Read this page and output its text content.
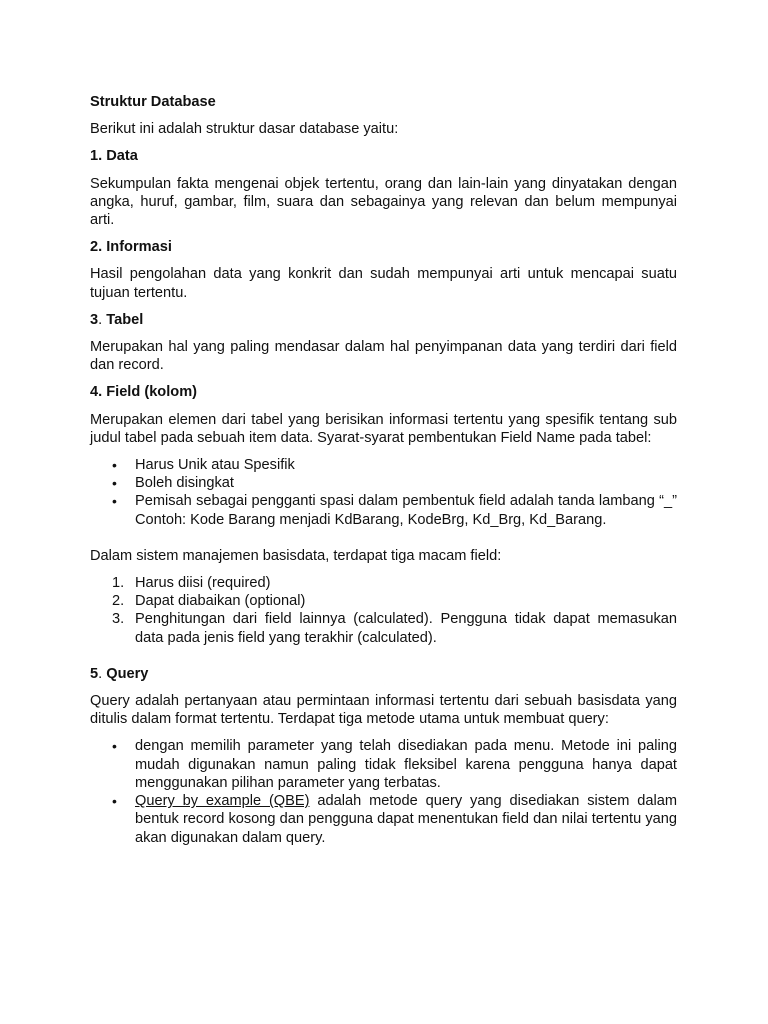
Struktur Database
Berikut ini adalah struktur dasar database yaitu:
1. Data
Sekumpulan fakta mengenai objek tertentu, orang dan lain-lain yang dinyatakan dengan angka, huruf, gambar, film, suara dan sebagainya yang relevan dan belum mempunyai arti.
2. Informasi
Hasil pengolahan data yang konkrit dan sudah mempunyai arti untuk mencapai suatu tujuan tertentu.
3. Tabel
Merupakan hal yang paling mendasar dalam hal penyimpanan data yang terdiri dari field dan record.
4. Field (kolom)
Merupakan elemen dari tabel yang berisikan informasi tertentu yang spesifik tentang sub judul tabel pada sebuah item data. Syarat-syarat pembentukan Field Name pada tabel:
• Harus Unik atau Spesifik
• Boleh disingkat
• Pemisah sebagai pengganti spasi dalam pembentuk field adalah tanda lambang “_” Contoh: Kode Barang menjadi KdBarang, KodeBrg, Kd_Brg, Kd_Barang.
Dalam sistem manajemen basisdata, terdapat tiga macam field:
1. Harus diisi (required)
2. Dapat diabaikan (optional)
3. Penghitungan dari field lainnya (calculated). Pengguna tidak dapat memasukan data pada jenis field yang terakhir (calculated).
5. Query
Query adalah pertanyaan atau permintaan informasi tertentu dari sebuah basisdata yang ditulis dalam format tertentu. Terdapat tiga metode utama untuk membuat query:
• dengan memilih parameter yang telah disediakan pada menu. Metode ini paling mudah digunakan namun paling tidak fleksibel karena pengguna hanya dapat menggunakan pilihan parameter yang terbatas.
• Query by example (QBE) adalah metode query yang disediakan sistem dalam bentuk record kosong dan pengguna dapat menentukan field dan nilai tertentu yang akan digunakan dalam query.
